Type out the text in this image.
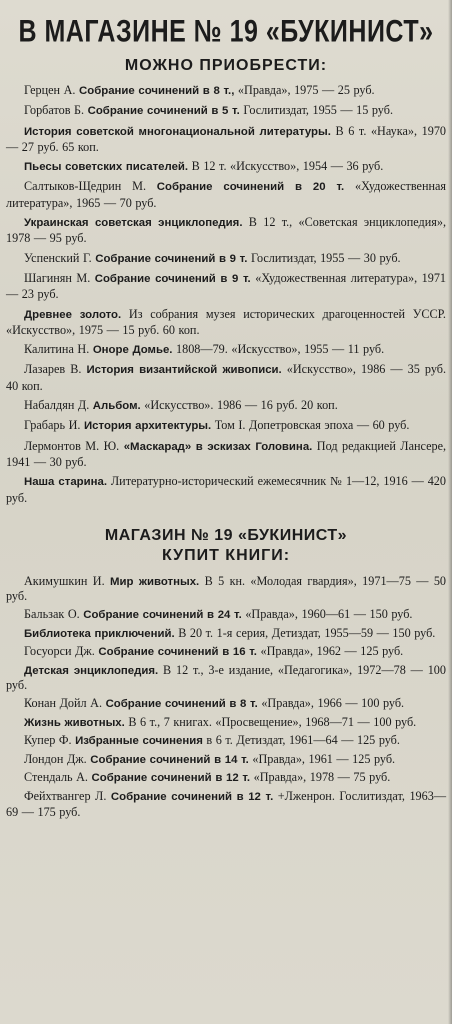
В МАГАЗИНЕ № 19 «БУКИНИСТ»
МОЖНО ПРИОБРЕСТИ:

Герцен А. Собрание сочинений в 8 т., «Правда», 1975 — 25 руб.

Горбатов Б. Собрание сочинений в 5 т. Гослитиздат, 1955 — 15 руб.

История советской многонациональной литературы. В 6 т. «Наука», 1970 — 27 руб. 65 коп.

Пьесы советских писателей. В 12 т. «Искусство», 1954 — 36 руб.

Салтыков-Щедрин М. Собрание сочинений в 20 т. «Художественная литература», 1965 — 70 руб.

Украинская советская энциклопедия. В 12 т., «Советская энциклопедия», 1978 — 95 руб.

Успенский Г. Собрание сочинений в 9 т. Гослитиздат, 1955 — 30 руб.

Шагинян М. Собрание сочинений в 9 т. «Художественная литература», 1971 — 23 руб.

Древнее золото. Из собрания музея исторических драгоценностей УССР. «Искусство», 1975 — 15 руб. 60 коп.

Калитина Н. Оноре Домье. 1808—79. «Искусство», 1955 — 11 руб.

Лазарев В. История византийской живописи. «Искусство», 1986 — 35 руб. 40 коп.

Набалдян Д. Альбом. «Искусство». 1986 — 16 руб. 20 коп.

Грабарь И. История архитектуры. Том I. Допетровская эпоха — 60 руб.

Лермонтов М. Ю. «Маскарад» в эскизах Головина. Под редакцией Лансере, 1941 — 30 руб.

Наша старина. Литературно-исторический ежемесячник № 1—12, 1916 — 420 руб.

МАГАЗИН № 19 «БУКИНИСТ»
КУПИТ КНИГИ:

Акимушкин И. Мир животных. В 5 кн. «Молодая гвардия», 1971—75 — 50 руб.

Бальзак О. Собрание сочинений в 24 т. «Правда», 1960—61 — 150 руб.

Библиотека приключений. В 20 т. 1-я серия, Детиздат, 1955—59 — 150 руб.

Госуорси Дж. Собрание сочинений в 16 т. «Правда», 1962 — 125 руб.

Детская энциклопедия. В 12 т., 3-е издание, «Педагогика», 1972—78 — 100 руб.

Конан Дойл А. Собрание сочинений в 8 т. «Правда», 1966 — 100 руб.

Жизнь животных. В 6 т., 7 книгах. «Просвещение», 1968—71 — 100 руб.

Купер Ф. Избранные сочинения в 6 т. Детиздат, 1961—64 — 125 руб.

Лондон Дж. Собрание сочинений в 14 т. «Правда», 1961 — 125 руб.

Стендаль А. Собрание сочинений в 12 т. «Правда», 1978 — 75 руб.

Фейхтвангер Л. Собрание сочинений в 12 т. +Лженрон. Гослитиздат, 1963—69 — 175 руб.
